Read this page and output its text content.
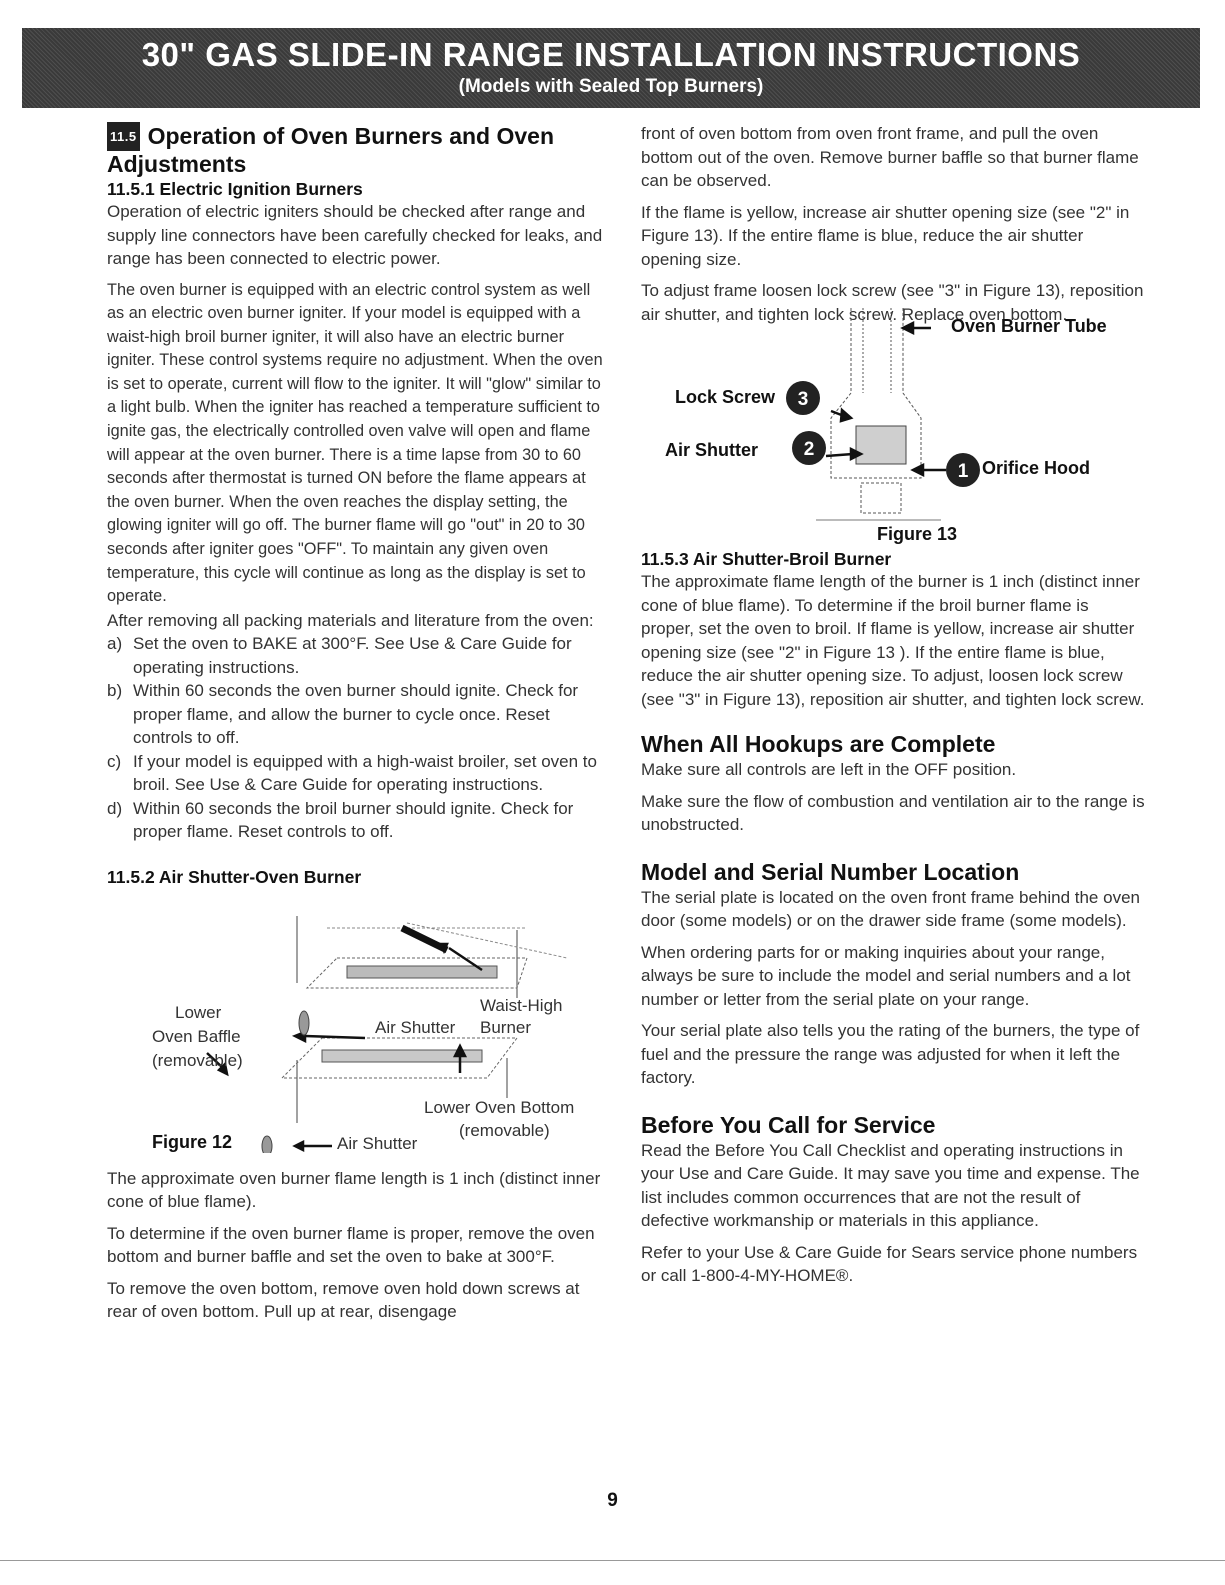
30" GAS SLIDE-IN RANGE INSTALLATION INSTRUCTIONS
(Models with Sealed Top Burners)
11.5 Operation of Oven Burners and Oven Adjustments
11.5.1 Electric Ignition Burners

Operation of electric igniters should be checked after range and supply line connectors have been carefully checked for leaks, and range has been connected to electric power.

The oven burner is equipped with an electric control system as well as an electric oven burner igniter. If your model is equipped with a waist-high broil burner igniter, it will also have an electric burner igniter. These control systems require no adjustment. When the oven is set to operate, current will flow to the igniter. It will "glow" similar to a light bulb. When the igniter has reached a temperature sufficient to ignite gas, the electrically controlled oven valve will open and flame will appear at the oven burner. There is a time lapse from 30 to 60 seconds after thermostat is turned ON before the flame appears at the oven burner. When the oven reaches the display setting, the glowing igniter will go off. The burner flame will go "out" in 20 to 30 seconds after igniter goes "OFF". To maintain any given oven temperature, this cycle will continue as long as the display is set to operate.

After removing all packing materials and literature from the oven:

a) Set the oven to BAKE at 300°F. See Use & Care Guide for operating instructions.
b) Within 60 seconds the oven burner should ignite. Check for proper flame, and allow the burner to cycle once. Reset controls to off.
c) If your model is equipped with a high-waist broiler, set oven to broil. See Use & Care Guide for operating instructions.
d) Within 60 seconds the broil burner should ignite. Check for proper flame. Reset controls to off.
11.5.2 Air Shutter-Oven Burner
Lower
Oven Baffle
(removable)
Air Shutter
Waist-High
Burner
Lower Oven Bottom
(removable)
Air Shutter
Figure 12

The approximate oven burner flame length is 1 inch (distinct inner cone of blue flame).

To determine if the oven burner flame is proper, remove the oven bottom and burner baffle and set the oven to bake at 300°F.

To remove the oven bottom, remove oven hold down screws at rear of oven bottom. Pull up at rear, disengage

front of oven bottom from oven front frame, and pull the oven bottom out of the oven. Remove burner baffle so that burner flame can be observed.

If the flame is yellow, increase air shutter opening size (see "2" in Figure 13). If the entire flame is blue, reduce the air shutter opening size.

To adjust frame loosen lock screw (see "3" in Figure 13), reposition air shutter, and tighten lock screw. Replace oven bottom.

3
2
1
Oven Burner Tube
Lock Screw
Air Shutter
Orifice Hood
Figure 13
11.5.3 Air Shutter-Broil Burner

The approximate flame length of the burner is 1 inch (distinct inner cone of blue flame). To determine if the broil burner flame is proper, set the oven to broil. If flame is yellow, increase air shutter opening size (see "2" in Figure 13 ). If the entire flame is blue, reduce the air shutter opening size. To adjust, loosen lock screw (see "3" in Figure 13), reposition air shutter, and tighten lock screw.

When All Hookups are Complete

Make sure all controls are left in the OFF position.

Make sure the flow of combustion and ventilation air to the range is unobstructed.

Model and Serial Number Location

The serial plate is located on the oven front frame behind the oven door (some models) or on the drawer side frame (some models).

When ordering parts for or making inquiries about your range, always be sure to include the model and serial numbers and a lot number or letter from the serial plate on your range.

Your serial plate also tells you the rating of the burners, the type of fuel and the pressure the range was adjusted for when it left the factory.

Before You Call for Service

Read the Before You Call Checklist and operating instructions in your Use and Care Guide. It may save you time and expense. The list includes common occurrences that are not the result of defective workmanship or materials in this appliance.

Refer to your Use & Care Guide for Sears service phone numbers or call 1-800-4-MY-HOME®.

9
